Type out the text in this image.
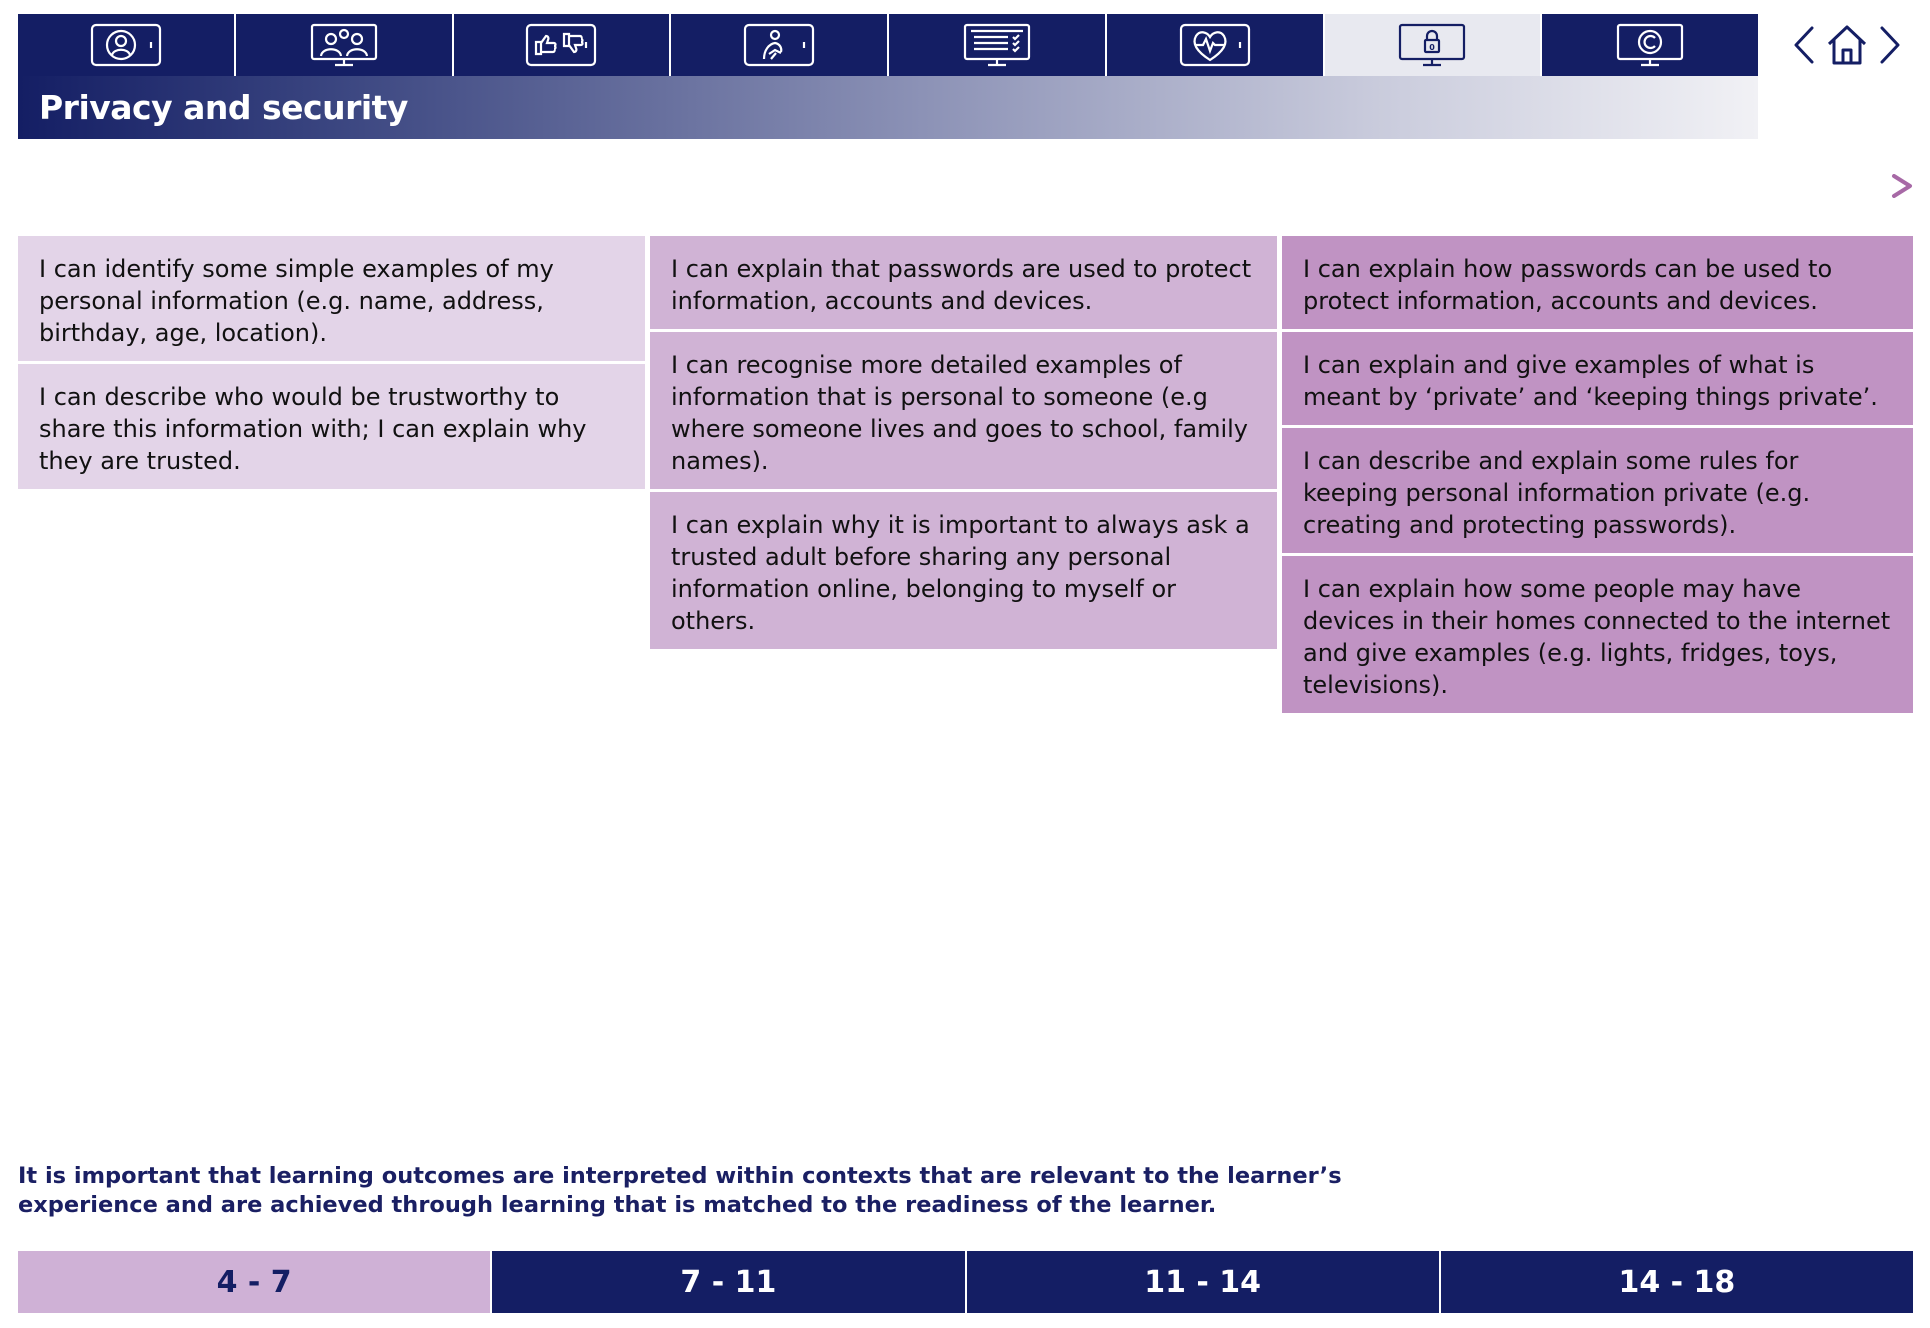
0
Privacy and security
I can identify some simple examples of my personal information (e.g. name, address, birthday, age, location).
I can describe who would be trustworthy to share this information with; I can explain why they are trusted.
I can explain that passwords are used to protect information, accounts and devices.
I can recognise more detailed examples of information that is personal to someone (e.g where someone lives and goes to school, family names).
I can explain why it is important to always ask a trusted adult before sharing any personal information online, belonging to myself or others.
I can explain how passwords can be used to protect information, accounts and devices.
I can explain and give examples of what is meant by ‘private’ and ‘keeping things private’.
I can describe and explain some rules for keeping personal information private (e.g. creating and protecting passwords).
I can explain how some people may have devices in their homes connected to the internet and give examples (e.g. lights, fridges, toys, televisions).
It is important that learning outcomes are interpreted within contexts that are relevant to the learner’s experience and are achieved through learning that is matched to the readiness of the learner.
4 - 7	7 - 11	11 - 14	14 - 18
